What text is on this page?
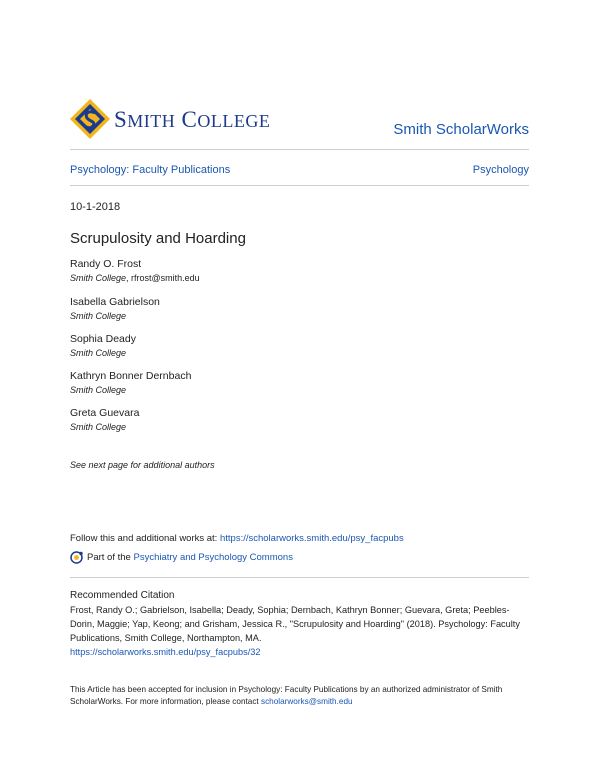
SMITH COLLEGE	Smith ScholarWorks
Psychology: Faculty Publications	Psychology
10-1-2018
Scrupulosity and Hoarding
Randy O. Frost
Smith College, rfrost@smith.edu
Isabella Gabrielson
Smith College
Sophia Deady
Smith College
Kathryn Bonner Dernbach
Smith College
Greta Guevara
Smith College
See next page for additional authors
Follow this and additional works at: https://scholarworks.smith.edu/psy_facpubs
Part of the Psychiatry and Psychology Commons
Recommended Citation
Frost, Randy O.; Gabrielson, Isabella; Deady, Sophia; Dernbach, Kathryn Bonner; Guevara, Greta; Peebles-Dorin, Maggie; Yap, Keong; and Grisham, Jessica R., "Scrupulosity and Hoarding" (2018). Psychology: Faculty Publications, Smith College, Northampton, MA.
https://scholarworks.smith.edu/psy_facpubs/32
This Article has been accepted for inclusion in Psychology: Faculty Publications by an authorized administrator of Smith ScholarWorks. For more information, please contact scholarworks@smith.edu
